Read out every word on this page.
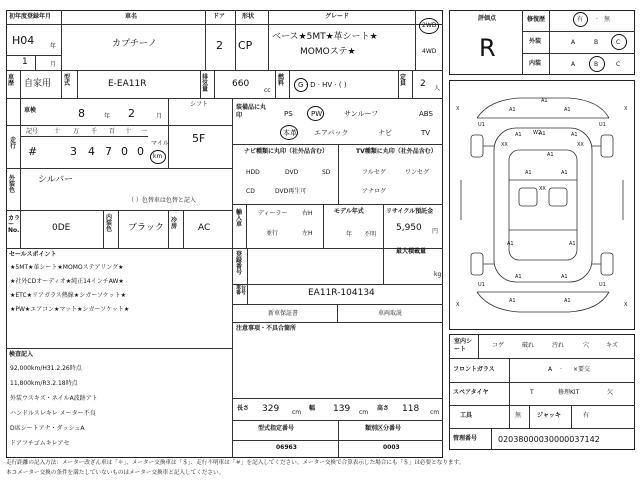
初年度登録年月
H04	年
1	月
車名
カプチーノ
ドア
2
形状
CP
グレード
ベース★5MT★革シート★
MOMOステ★
2WD
4WD
車歴	自家用
型式	E-EA11R
排気量
660
cc
燃料	G · D · HV · ( )
定員	2 人
車検	8	年 2	月
シフト
5F
走行
記号	十 万 千 百 十 一
#	3 4 7 0 0
マイル
km
外装色
シルバー
（ ）色替車は色替と記入
カラーNo.	0DE
内装色	ブラック
冷房	AC
装備品に丸印	PS	PW	サンルーフ	ABS
本革 エアバック	ナビ	TV
ナビ種類に丸印（社外品含む）
HDD	DVD	SD
CD	DVD再生可
TV種類に丸印（社外品含む）
フルセグ	ワンセグ
アナログ
輸入車
ディーラー 右H
並行	左H
モデル年式
年 不明
リサイクル預託金
5,950 円
最大積載量
kg
セールスポイント
★5MT★革シート★MOMOステアリング★
★社外CDオーディオ★純正14インチAW★
★ETC★リアガラス熱線★シガーソケット★
★PW★エアコン★マット★シガーソケット★
登録番号
車台番号	EA11R-104134
新車保証書	車両取説
注意事項・不具合箇所
検査記入
92,000km/H31.2.26時点
11,800km/R3.2.18時点
外装ウスキズ・ネイルA波跡アト
ハンドルスレキレ メーター不良
D席シートアナ・ダッシュA
ドアフチゴムキレアセ
長さ 329 cm
幅 139 cm
高さ 118 cm
型式指定番号
06963
類別区分番号
0003
評価点
R
修復歴	有 · 無
外装	A	B	C
内装	A	B	C
A1
A1
A1
A1
A1	A1
A1
A1	A1
W2
U1	U1
XX	XX
XX
X	X
X	X
A1	A1
A1	A1
U1	U1
A1	A1
室内シート
コゲ	破れ	汚れ	穴	キズ
フロントガラス	A · ×要交
スペアタイヤ	T	修理KIT	欠
工具	無	ジャッキ	有
管理番号	02038000030000037142
走行距離の記入方法：メーター改ざん車は「＊」、メーター交換車は「＄」、走行不明車は「＃」を記入してください。メーター交換で合算表示した場合にも「＄」は必要となります。
本コメーター交換の条件を満たしていないものはメーター交換車と記入してください。
